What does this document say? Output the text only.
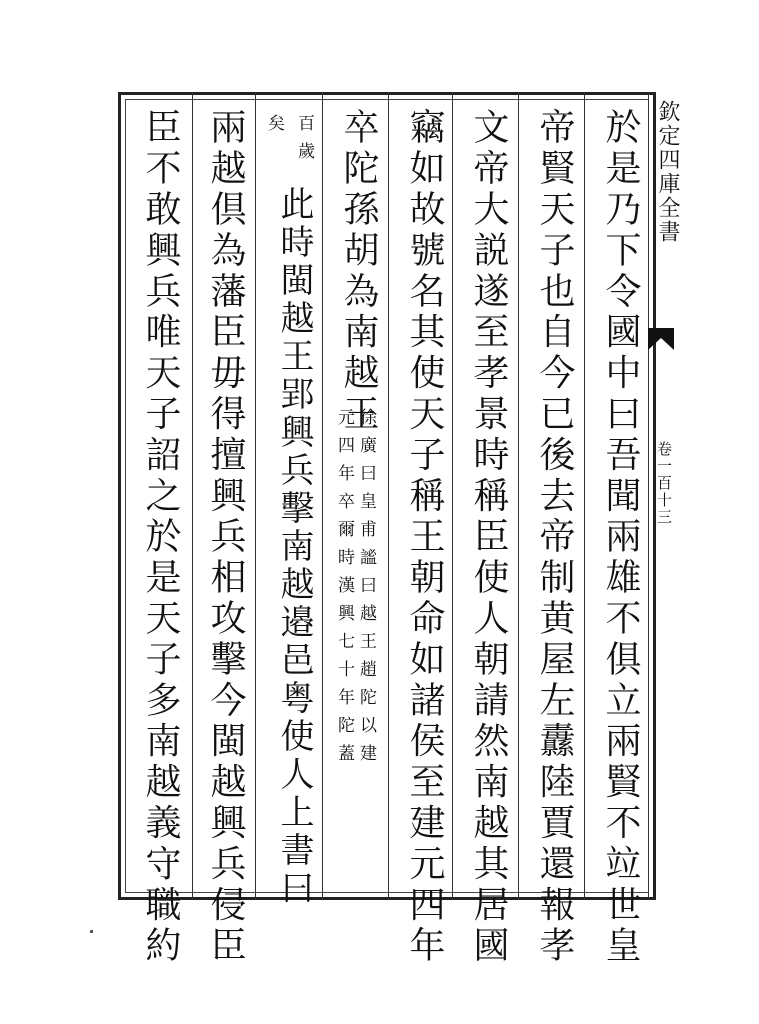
欽定四庫全書
卷一百十三
於是乃下令國中曰吾聞兩雄不俱立兩賢不竝世皇
帝賢天子也自今已後去帝制黄屋左纛陸賈還報孝
文帝大説遂至孝景時稱臣使人朝請然南越其居國
竊如故號名其使天子稱王朝命如諸侯至建元四年
卒陀孫胡為南越王
徐廣曰皇甫謐曰越王趙陀以建
元四年卒爾時漢興七十年陀蓋
百歲
矣
此時閩越王郢興兵擊南越邉邑粤使人上書曰
兩越倶為藩臣毋得擅興兵相攻擊今閩越興兵侵臣
臣不敢興兵唯天子詔之於是天子多南越義守職約
